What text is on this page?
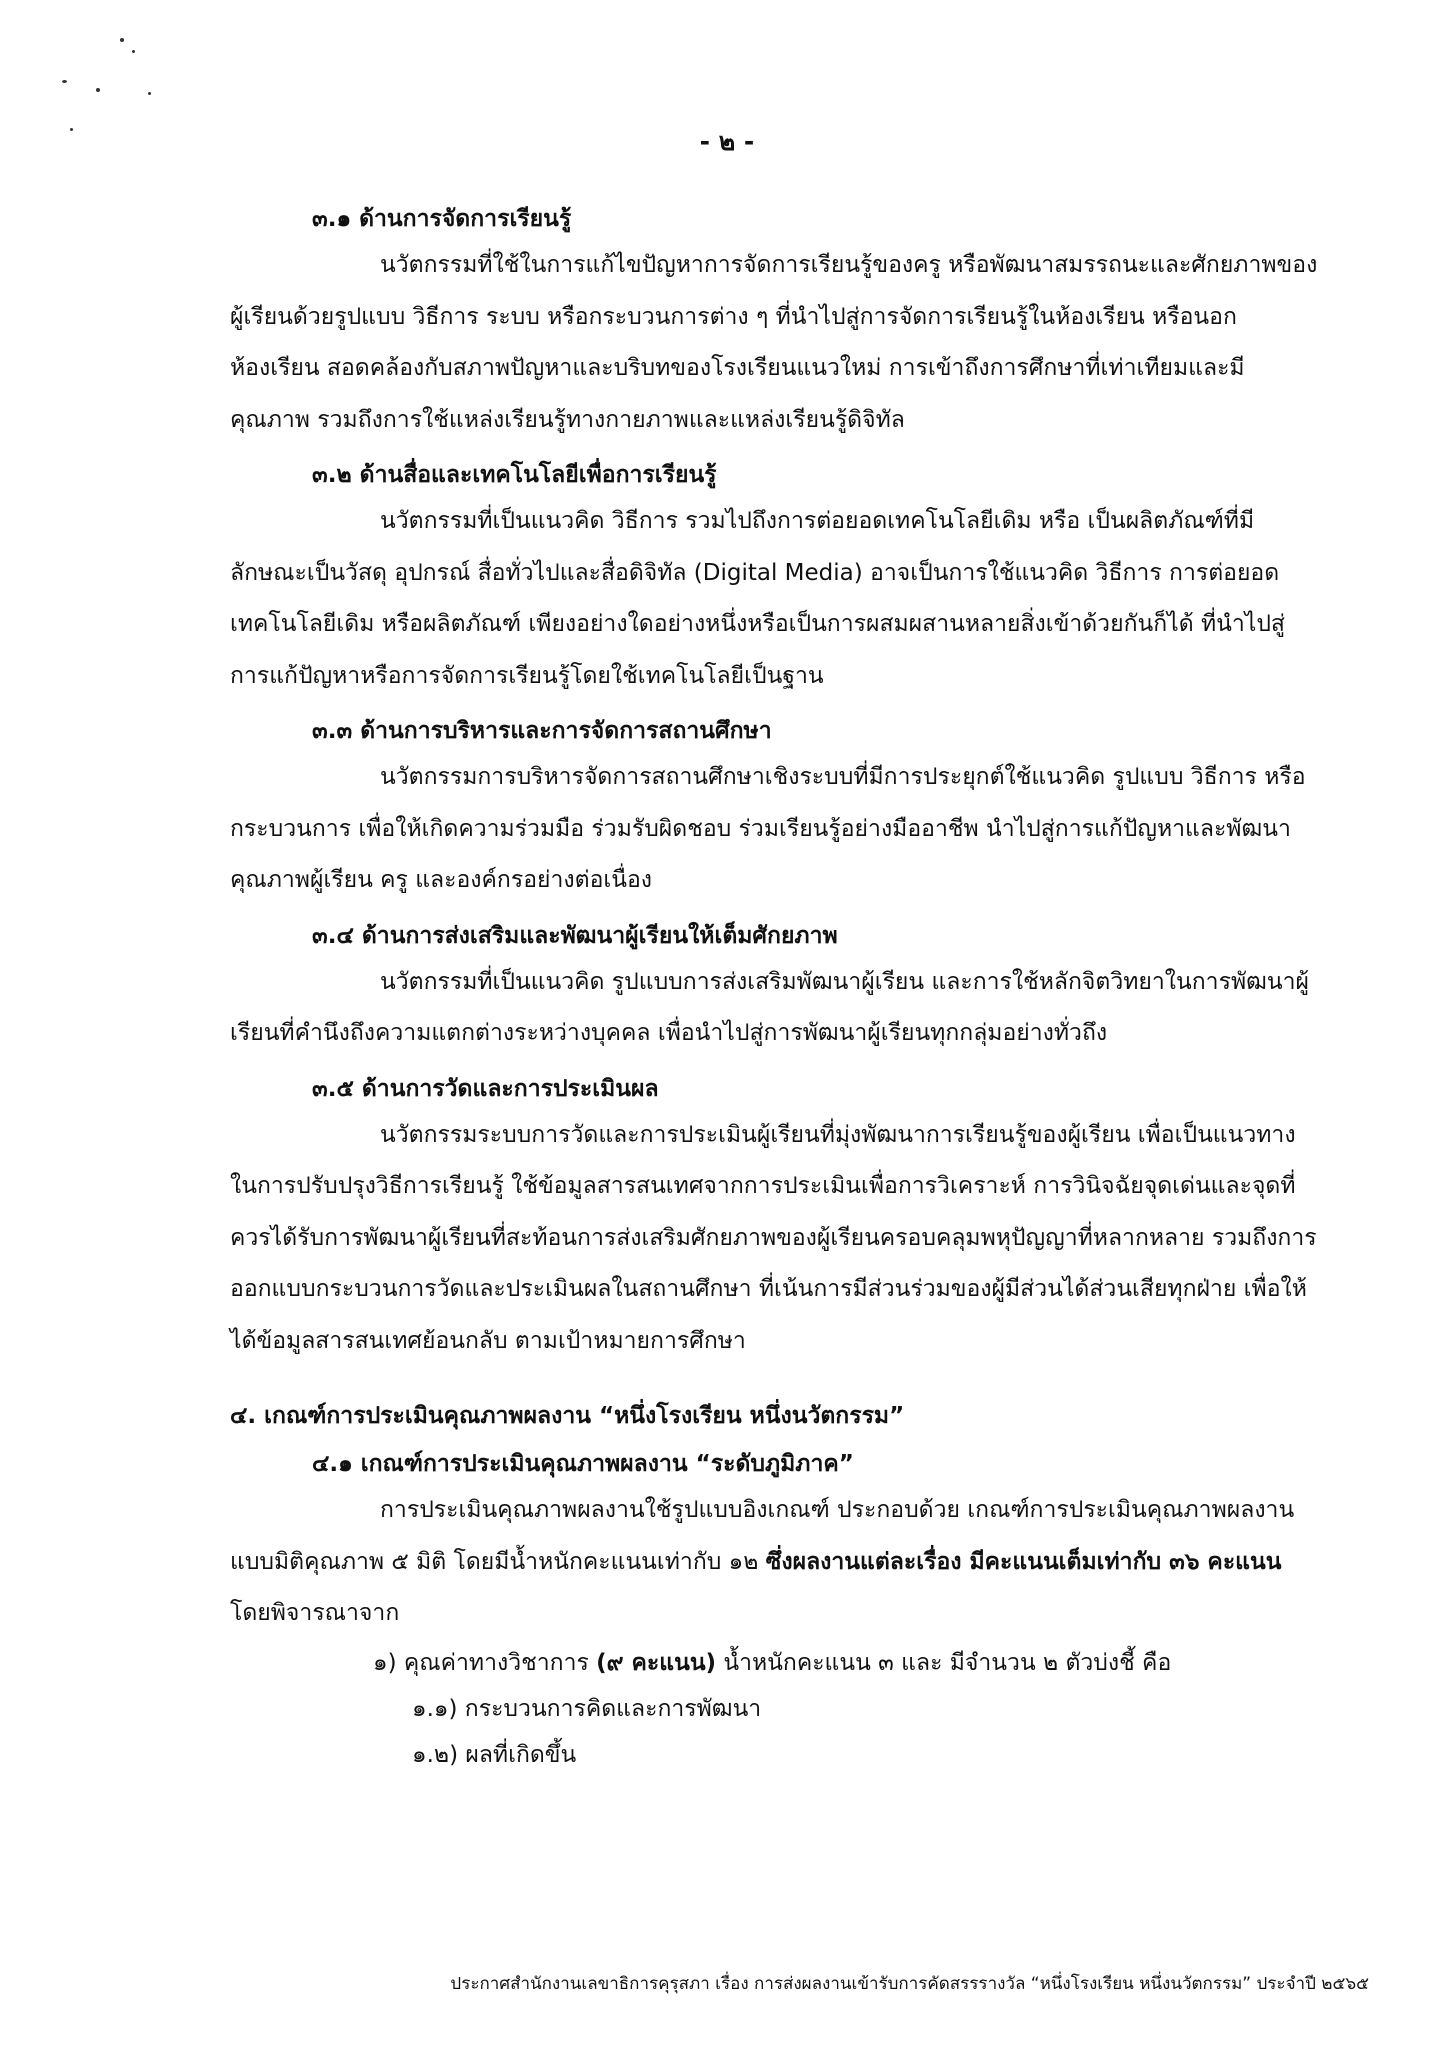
- ๒ -

๓.๑ ด้านการจัดการเรียนรู้

นวัตกรรมที่ใช้ในการแก้ไขปัญหาการจัดการเรียนรู้ของครู หรือพัฒนาสมรรถนะและศักยภาพของผู้เรียนด้วยรูปแบบ วิธีการ ระบบ หรือกระบวนการต่าง ๆ ที่นำไปสู่การจัดการเรียนรู้ในห้องเรียน หรือนอกห้องเรียน สอดคล้องกับสภาพปัญหาและบริบทของโรงเรียนแนวใหม่ การเข้าถึงการศึกษาที่เท่าเทียมและมีคุณภาพ รวมถึงการใช้แหล่งเรียนรู้ทางกายภาพและแหล่งเรียนรู้ดิจิทัล

๓.๒ ด้านสื่อและเทคโนโลยีเพื่อการเรียนรู้

นวัตกรรมที่เป็นแนวคิด วิธีการ รวมไปถึงการต่อยอดเทคโนโลยีเดิม หรือ เป็นผลิตภัณฑ์ที่มีลักษณะเป็นวัสดุ อุปกรณ์ สื่อทั่วไปและสื่อดิจิทัล (Digital Media) อาจเป็นการใช้แนวคิด วิธีการ การต่อยอดเทคโนโลยีเดิม หรือผลิตภัณฑ์ เพียงอย่างใดอย่างหนึ่งหรือเป็นการผสมผสานหลายสิ่งเข้าด้วยกันก็ได้ ที่นำไปสู่การแก้ปัญหาหรือการจัดการเรียนรู้โดยใช้เทคโนโลยีเป็นฐาน

๓.๓ ด้านการบริหารและการจัดการสถานศึกษา

นวัตกรรมการบริหารจัดการสถานศึกษาเชิงระบบที่มีการประยุกต์ใช้แนวคิด รูปแบบ วิธีการ หรือกระบวนการ เพื่อให้เกิดความร่วมมือ ร่วมรับผิดชอบ ร่วมเรียนรู้อย่างมืออาชีพ นำไปสู่การแก้ปัญหาและพัฒนาคุณภาพผู้เรียน ครู และองค์กรอย่างต่อเนื่อง

๓.๔ ด้านการส่งเสริมและพัฒนาผู้เรียนให้เต็มศักยภาพ

นวัตกรรมที่เป็นแนวคิด รูปแบบการส่งเสริมพัฒนาผู้เรียน และการใช้หลักจิตวิทยาในการพัฒนาผู้เรียนที่คำนึงถึงความแตกต่างระหว่างบุคคล เพื่อนำไปสู่การพัฒนาผู้เรียนทุกกลุ่มอย่างทั่วถึง

๓.๕ ด้านการวัดและการประเมินผล

นวัตกรรมระบบการวัดและการประเมินผู้เรียนที่มุ่งพัฒนาการเรียนรู้ของผู้เรียน เพื่อเป็นแนวทางในการปรับปรุงวิธีการเรียนรู้ ใช้ข้อมูลสารสนเทศจากการประเมินเพื่อการวิเคราะห์ การวินิจฉัยจุดเด่นและจุดที่ควรได้รับการพัฒนาผู้เรียนที่สะท้อนการส่งเสริมศักยภาพของผู้เรียนครอบคลุมพหุปัญญาที่หลากหลาย รวมถึงการออกแบบกระบวนการวัดและประเมินผลในสถานศึกษา ที่เน้นการมีส่วนร่วมของผู้มีส่วนได้ส่วนเสียทุกฝ่าย เพื่อให้ได้ข้อมูลสารสนเทศย้อนกลับ ตามเป้าหมายการศึกษา

๔. เกณฑ์การประเมินคุณภาพผลงาน “หนึ่งโรงเรียน หนึ่งนวัตกรรม”

๔.๑ เกณฑ์การประเมินคุณภาพผลงาน “ระดับภูมิภาค”

การประเมินคุณภาพผลงานใช้รูปแบบอิงเกณฑ์ ประกอบด้วย เกณฑ์การประเมินคุณภาพผลงานแบบมิติคุณภาพ ๕ มิติ โดยมีน้ำหนักคะแนนเท่ากับ ๑๒ ซึ่งผลงานแต่ละเรื่อง มีคะแนนเต็มเท่ากับ ๓๖ คะแนน โดยพิจารณาจาก

๑) คุณค่าทางวิชาการ (๙ คะแนน) น้ำหนักคะแนน ๓ และ มีจำนวน ๒ ตัวบ่งชี้ คือ

๑.๑) กระบวนการคิดและการพัฒนา

๑.๒) ผลที่เกิดขึ้น

ประกาศสำนักงานเลขาธิการคุรุสภา เรื่อง การส่งผลงานเข้ารับการคัดสรรรางวัล “หนึ่งโรงเรียน หนึ่งนวัตกรรม” ประจำปี ๒๕๖๕
